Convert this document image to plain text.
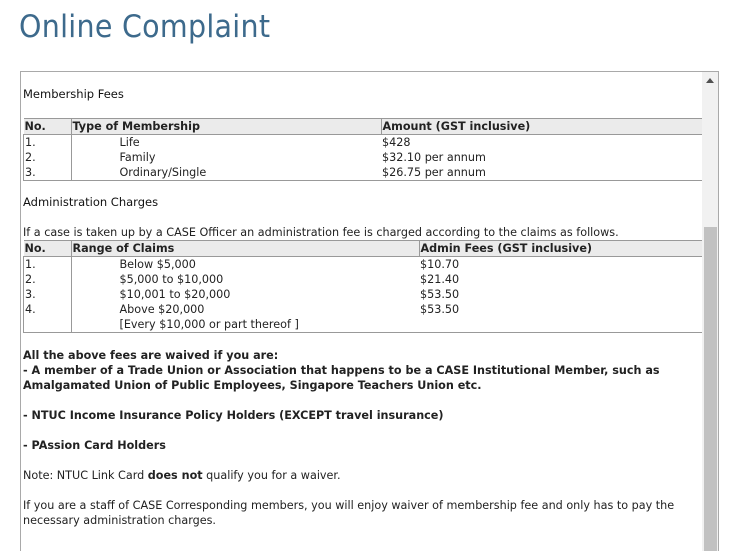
Online Complaint
Membership Fees
No.	Type of Membership	Amount (GST inclusive)
1.	Life	$428
2.	Family	$32.10 per annum
3.	Ordinary/Single	$26.75 per annum
Administration Charges

If a case is taken up by a CASE Officer an administration fee is charged according to the claims as follows.

No.	Range of Claims	Admin Fees (GST inclusive)
1.	Below $5,000	$10.70
2.	$5,000 to $10,000	$21.40
3.	$10,001 to $20,000	$53.50
4.	Above $20,000	$53.50
	[Every $10,000 or part thereof ]	

All the above fees are waived if you are:

- A member of a Trade Union or Association that happens to be a CASE Institutional Member, such as Amalgamated Union of Public Employees, Singapore Teachers Union etc.

- NTUC Income Insurance Policy Holders (EXCEPT travel insurance)

- PAssion Card Holders

Note: NTUC Link Card does not qualify you for a waiver.

If you are a staff of CASE Corresponding members, you will enjoy waiver of membership fee and only has to pay the necessary administration charges.
